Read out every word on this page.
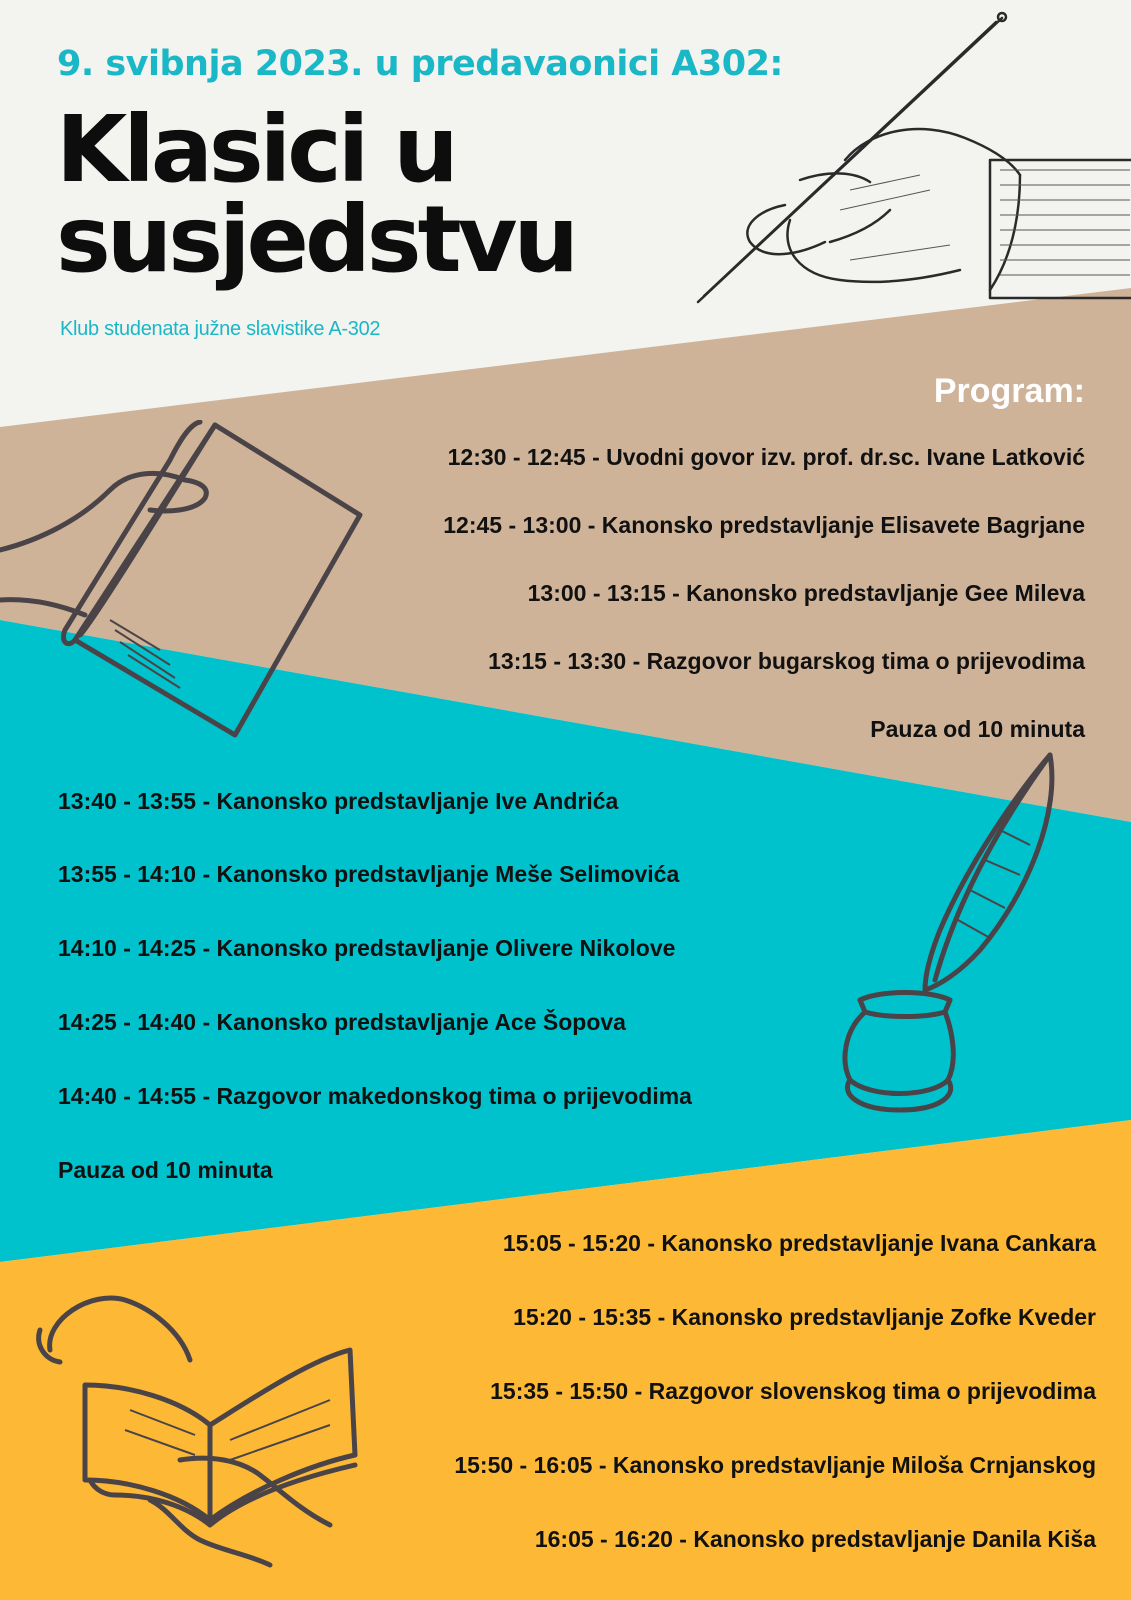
9. svibnja 2023. u predavaonici A302:
Klasici u
susjedstvu
Klub studenata južne slavistike A-302
Program:
12:30 - 12:45 - Uvodni govor izv. prof. dr.sc. Ivane Latković
12:45 - 13:00 - Kanonsko predstavljanje Elisavete Bagrjane
13:00 - 13:15 - Kanonsko predstavljanje Gee Mileva
13:15 - 13:30 - Razgovor bugarskog tima o prijevodima
Pauza od 10 minuta
13:40 - 13:55 - Kanonsko predstavljanje Ive Andrića
13:55 - 14:10 - Kanonsko predstavljanje Meše Selimovića
14:10 - 14:25 - Kanonsko predstavljanje Olivere Nikolove
14:25 - 14:40 - Kanonsko predstavljanje Ace Šopova
14:40 - 14:55 - Razgovor makedonskog tima o prijevodima
Pauza od 10 minuta
15:05 - 15:20 - Kanonsko predstavljanje Ivana Cankara
15:20 - 15:35 - Kanonsko predstavljanje Zofke Kveder
15:35 - 15:50 - Razgovor slovenskog tima o prijevodima
15:50 - 16:05 - Kanonsko predstavljanje Miloša Crnjanskog
16:05 - 16:20 - Kanonsko predstavljanje Danila Kiša
